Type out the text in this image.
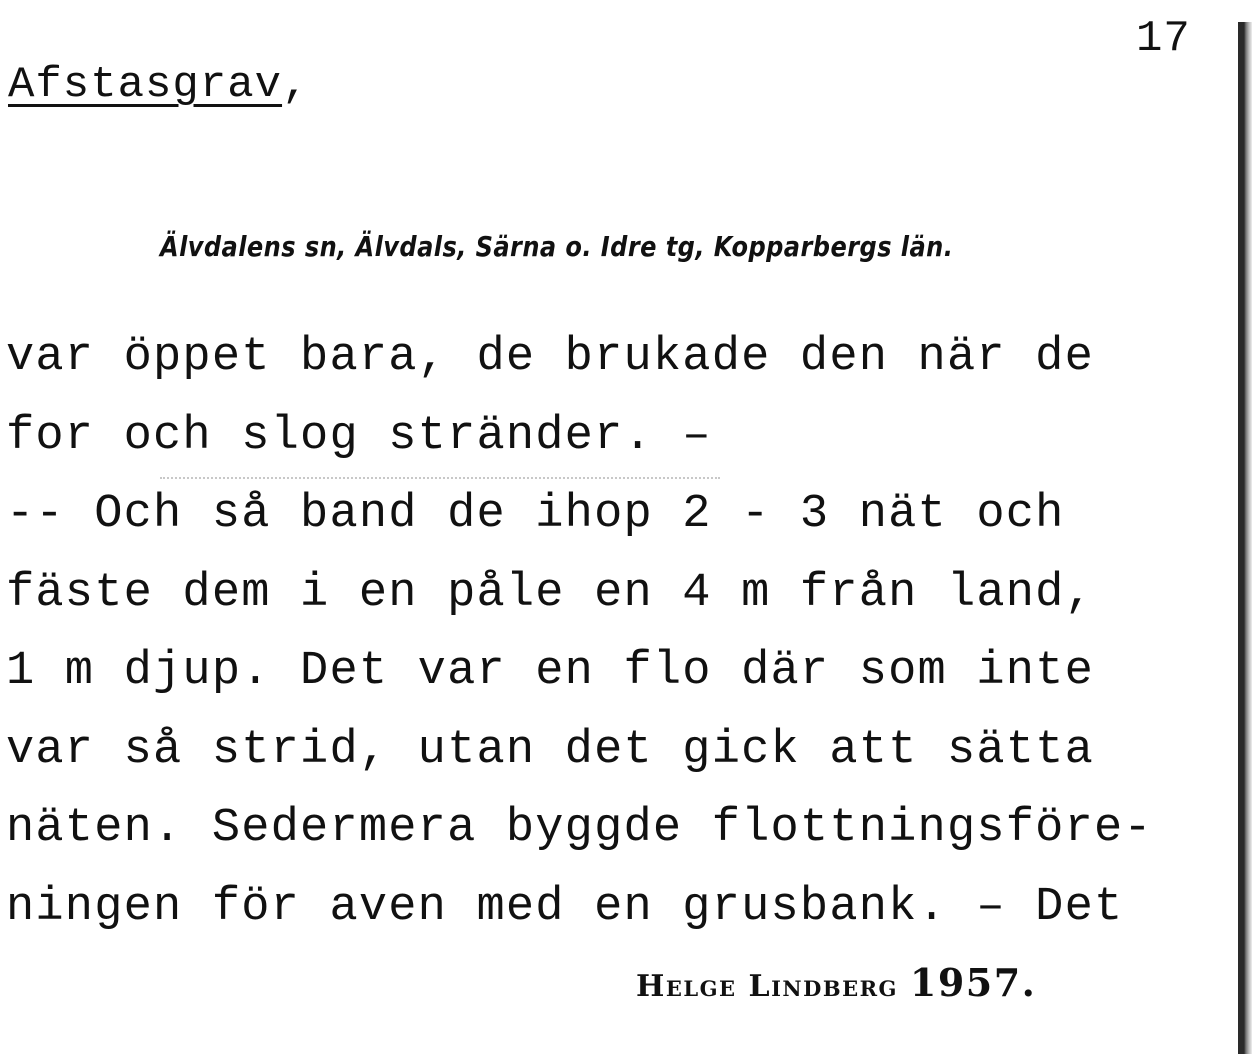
17
Afstasgrav,
Älvdalens sn, Älvdals, Särna o. Idre tg, Kopparbergs län.
var öppet bara, de brukade den när de
for och slog stränder. –
-- Och så band de ihop 2 - 3 nät och
fäste dem i en påle en 4 m från land,
1 m djup. Det var en flo där som inte
var så strid, utan det gick att sätta
näten. Sedermera byggde flottningsföre-
ningen för aven med en grusbank. – Det
Helge Lindberg 1957.
